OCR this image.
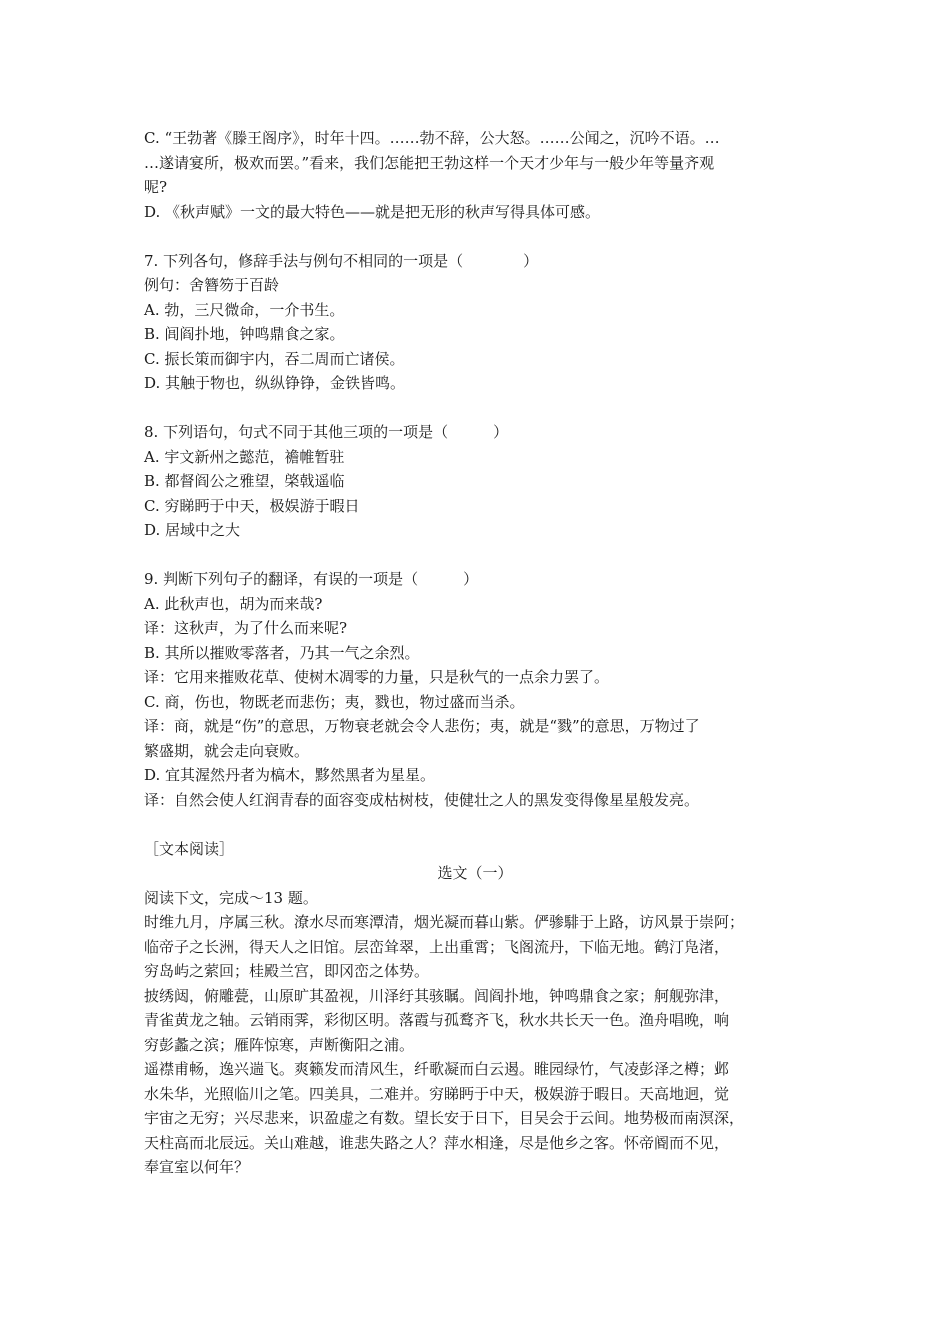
C. “王勃著《滕王阁序》，时年十四。……勃不辞，公大怒。……公闻之，沉吟不语。…

…遂请宴所，极欢而罢。”看来，我们怎能把王勃这样一个天才少年与一般少年等量齐观

呢?

D. 《秋声赋》一文的最大特色——就是把无形的秋声写得具体可感。

7. 下列各句，修辞手法与例句不相同的一项是（　　　　）

例句：舍簪笏于百龄

A. 勃，三尺微命，一介书生。

B. 闾阎扑地，钟鸣鼎食之家。

C. 振长策而御宇内，吞二周而亡诸侯。

D. 其触于物也，纵纵铮铮，金铁皆鸣。

8. 下列语句，句式不同于其他三项的一项是（　　　）

A. 宇文新州之懿范，襜帷暂驻

B. 都督阎公之雅望，棨戟遥临

C. 穷睇眄于中天，极娱游于暇日

D. 居域中之大

9. 判断下列句子的翻译，有误的一项是（　　　）

A. 此秋声也，胡为而来哉?

译：这秋声，为了什么而来呢?

B. 其所以摧败零落者，乃其一气之余烈。

译：它用来摧败花草、使树木凋零的力量，只是秋气的一点余力罢了。

C. 商，伤也，物既老而悲伤；夷，戮也，物过盛而当杀。

译：商，就是“伤”的意思，万物衰老就会令人悲伤；夷，就是“戮”的意思，万物过了

繁盛期，就会走向衰败。

D. 宜其渥然丹者为槁木，黟然黑者为星星。

译：自然会使人红润青春的面容变成枯树枝，使健壮之人的黑发变得像星星般发亮。

［文本阅读］

选文（一）

阅读下文，完成～13 题。

时维九月，序属三秋。潦水尽而寒潭清，烟光凝而暮山紫。俨骖騑于上路，访风景于崇阿；

临帝子之长洲，得天人之旧馆。层峦耸翠，上出重霄；飞阁流丹，下临无地。鹤汀凫渚，

穷岛屿之萦回；桂殿兰宫，即冈峦之体势。

披绣闼，俯雕甍，山原旷其盈视，川泽纡其骇瞩。闾阎扑地，钟鸣鼎食之家；舸舰弥津，

青雀黄龙之轴。云销雨霁，彩彻区明。落霞与孤鹜齐飞，秋水共长天一色。渔舟唱晚，响

穷彭蠡之滨；雁阵惊寒，声断衡阳之浦。

遥襟甫畅，逸兴遄飞。爽籁发而清风生，纤歌凝而白云遏。睢园绿竹，气凌彭泽之樽；邺

水朱华，光照临川之笔。四美具，二难并。穷睇眄于中天，极娱游于暇日。天高地迥，觉

宇宙之无穷；兴尽悲来，识盈虚之有数。望长安于日下，目吴会于云间。地势极而南溟深，

天柱高而北辰远。关山难越，谁悲失路之人？萍水相逢，尽是他乡之客。怀帝阍而不见，

奉宣室以何年？
